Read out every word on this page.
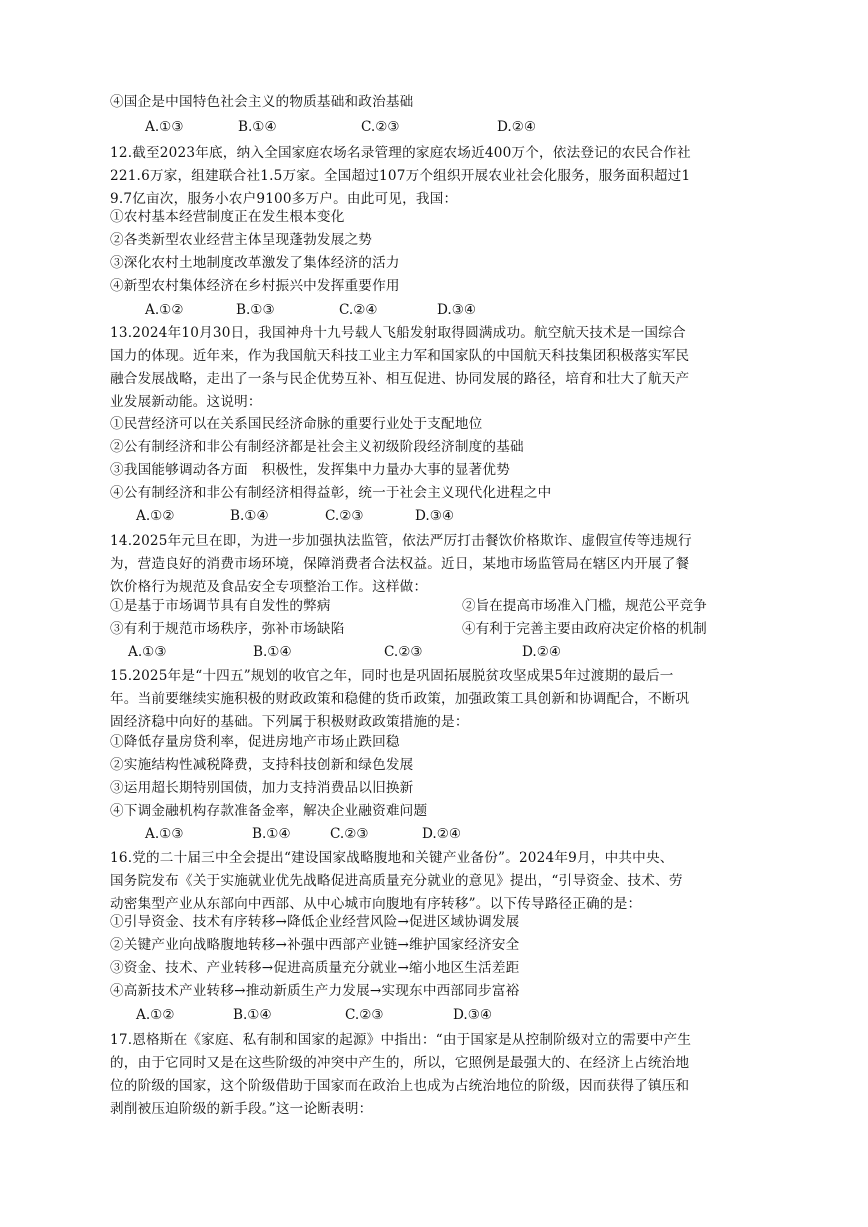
④国企是中国特色社会主义的物质基础和政治基础
A.①③	B.①④	C.②③	D.②④
12.截至2023年底，纳入全国家庭农场名录管理的家庭农场近400万个，依法登记的农民合作社
221.6万家，组建联合社1.5万家。全国超过107万个组织开展农业社会化服务，服务面积超过1
9.7亿亩次，服务小农户9100多万户。由此可见，我国：
①农村基本经营制度正在发生根本变化
②各类新型农业经营主体呈现蓬勃发展之势
③深化农村土地制度改革激发了集体经济的活力
④新型农村集体经济在乡村振兴中发挥重要作用
A.①②	B.①③	C.②④	D.③④
13.2024年10月30日，我国神舟十九号载人飞船发射取得圆满成功。航空航天技术是一国综合
国力的体现。近年来，作为我国航天科技工业主力军和国家队的中国航天科技集团积极落实军民
融合发展战略，走出了一条与民企优势互补、相互促进、协同发展的路径，培育和壮大了航天产
业发展新动能。这说明：
①民营经济可以在关系国民经济命脉的重要行业处于支配地位
②公有制经济和非公有制经济都是社会主义初级阶段经济制度的基础
③我国能够调动各方面　积极性，发挥集中力量办大事的显著优势
④公有制经济和非公有制经济相得益彰，统一于社会主义现代化进程之中
A.①②	B.①④	C.②③	D.③④
14.2025年元旦在即，为进一步加强执法监管，依法严厉打击餐饮价格欺诈、虚假宣传等违规行
为，营造良好的消费市场环境，保障消费者合法权益。近日，某地市场监管局在辖区内开展了餐
饮价格行为规范及食品安全专项整治工作。这样做：
①是基于市场调节具有自发性的弊病	②旨在提高市场准入门槛，规范公平竞争
③有利于规范市场秩序，弥补市场缺陷	④有利于完善主要由政府决定价格的机制
A.①③	B.①④	C.②③	D.②④
15.2025年是“十四五”规划的收官之年，同时也是巩固拓展脱贫攻坚成果5年过渡期的最后一
年。当前要继续实施积极的财政政策和稳健的货币政策，加强政策工具创新和协调配合，不断巩
固经济稳中向好的基础。下列属于积极财政政策措施的是：
①降低存量房贷利率，促进房地产市场止跌回稳
②实施结构性减税降费，支持科技创新和绿色发展
③运用超长期特别国债，加力支持消费品以旧换新
④下调金融机构存款准备金率，解决企业融资难问题
A.①③	B.①④	C.②③	D.②④
16.党的二十届三中全会提出“建设国家战略腹地和关键产业备份”。2024年9月，中共中央、
国务院发布《关于实施就业优先战略促进高质量充分就业的意见》提出，“引导资金、技术、劳
动密集型产业从东部向中西部、从中心城市向腹地有序转移”。以下传导路径正确的是：
①引导资金、技术有序转移→降低企业经营风险→促进区域协调发展
②关键产业向战略腹地转移→补强中西部产业链→维护国家经济安全
③资金、技术、产业转移→促进高质量充分就业→缩小地区生活差距
④高新技术产业转移→推动新质生产力发展→实现东中西部同步富裕
A.①②	B.①④	C.②③	D.③④
17.恩格斯在《家庭、私有制和国家的起源》中指出：“由于国家是从控制阶级对立的需要中产生
的，由于它同时又是在这些阶级的冲突中产生的，所以，它照例是最强大的、在经济上占统治地
位的阶级的国家，这个阶级借助于国家而在政治上也成为占统治地位的阶级，因而获得了镇压和
剥削被压迫阶级的新手段。”这一论断表明：
